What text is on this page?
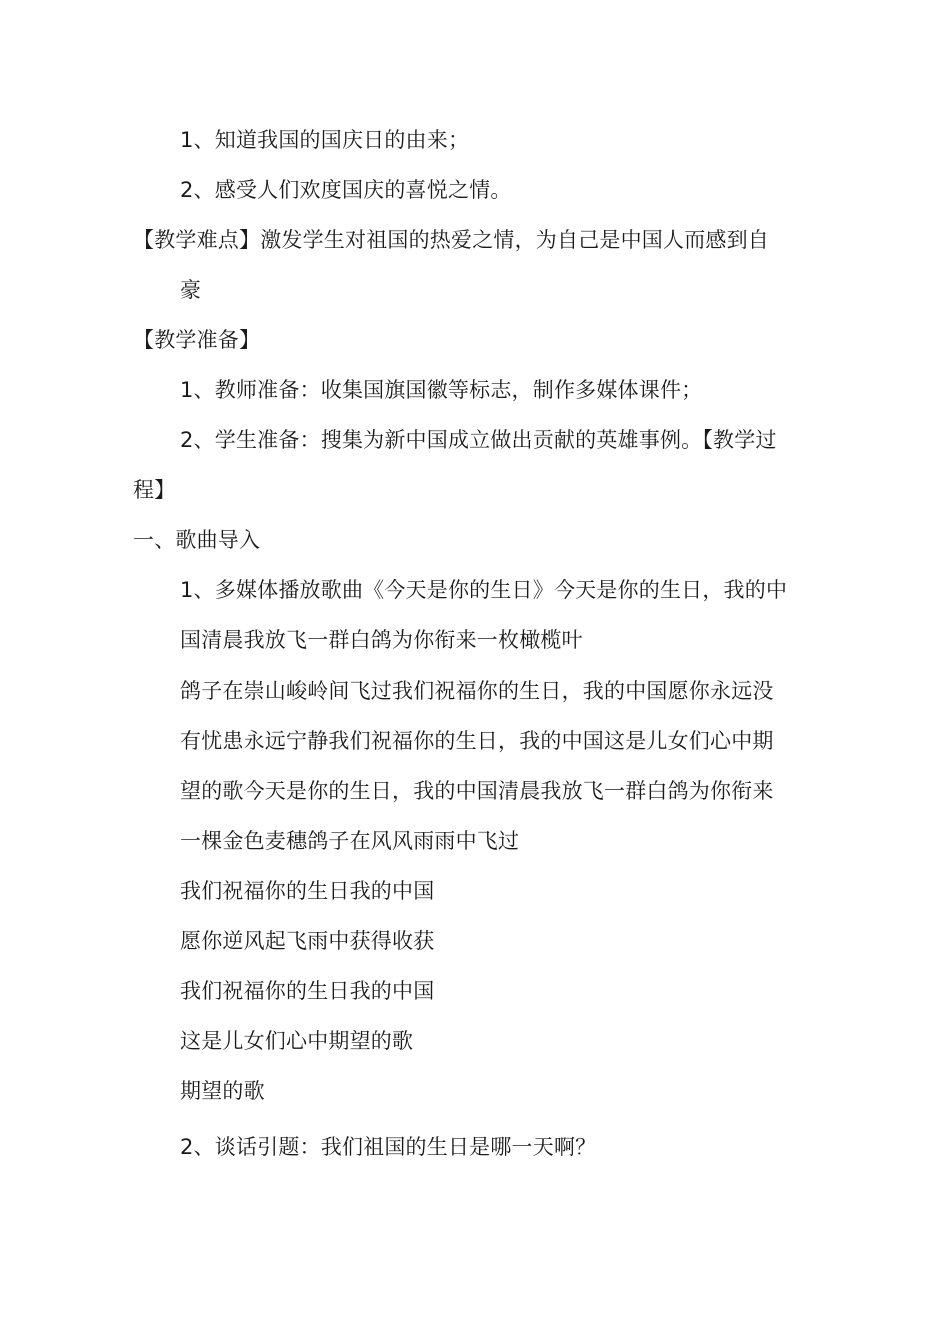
1、知道我国的国庆日的由来；
2、感受人们欢度国庆的喜悦之情。
【教学难点】激发学生对祖国的热爱之情，为自己是中国人而感到自
豪
【教学准备】
1、教师准备：收集国旗国徽等标志，制作多媒体课件；
2、学生准备：搜集为新中国成立做出贡献的英雄事例。【教学过
程】
一、歌曲导入
1、多媒体播放歌曲《今天是你的生日》今天是你的生日，我的中
国清晨我放飞一群白鸽为你衔来一枚橄榄叶
鸽子在崇山峻岭间飞过我们祝福你的生日，我的中国愿你永远没
有忧患永远宁静我们祝福你的生日，我的中国这是儿女们心中期
望的歌今天是你的生日，我的中国清晨我放飞一群白鸽为你衔来
一棵金色麦穗鸽子在风风雨雨中飞过
我们祝福你的生日我的中国
愿你逆风起飞雨中获得收获
我们祝福你的生日我的中国
这是儿女们心中期望的歌
期望的歌
2、谈话引题：我们祖国的生日是哪一天啊？
